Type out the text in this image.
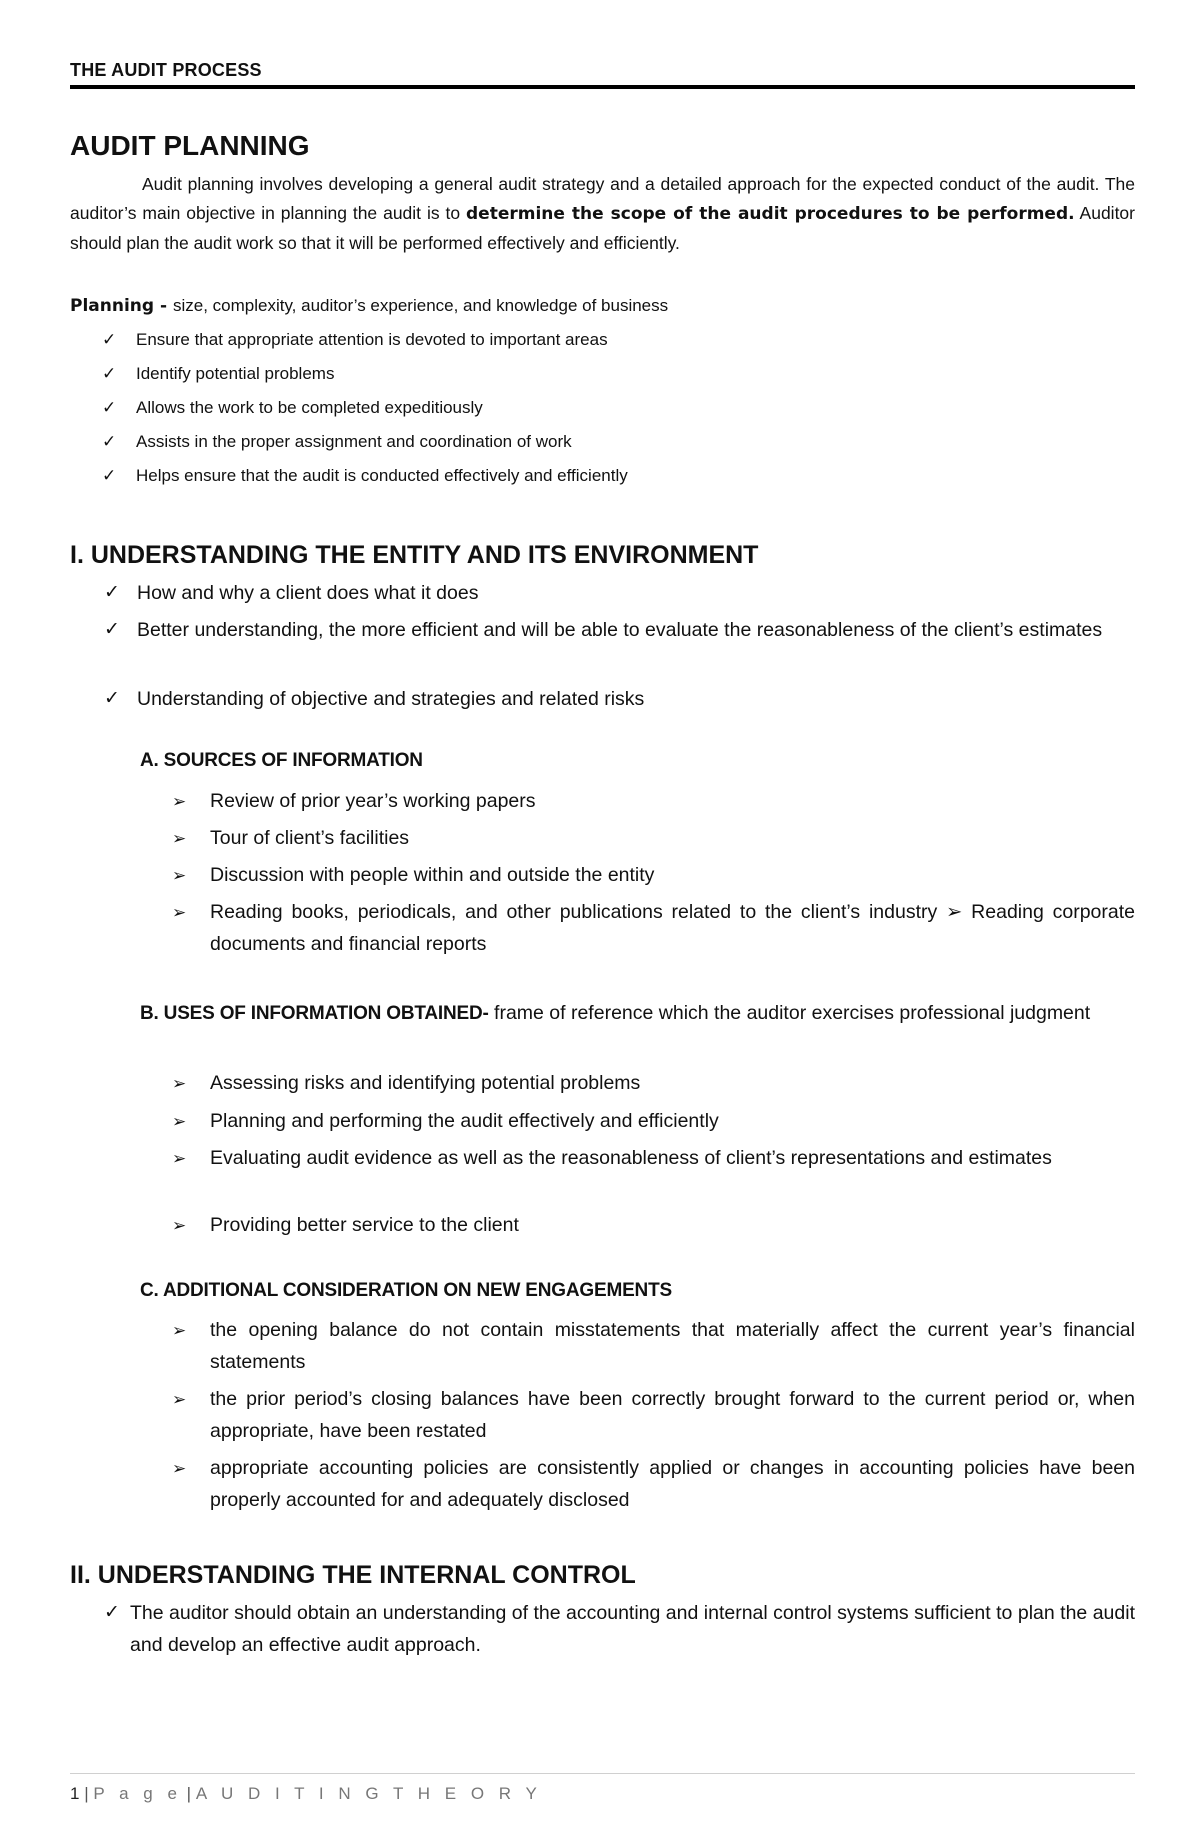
THE AUDIT PROCESS
AUDIT PLANNING
Audit planning involves developing a general audit strategy and a detailed approach for the expected conduct of the audit. The auditor’s main objective in planning the audit is to determine the scope of the audit procedures to be performed. Auditor should plan the audit work so that it will be performed effectively and efficiently.
Planning - size, complexity, auditor’s experience, and knowledge of business
✓	Ensure that appropriate attention is devoted to important areas
✓	Identify potential problems
✓	Allows the work to be completed expeditiously
✓	Assists in the proper assignment and coordination of work
✓	Helps ensure that the audit is conducted effectively and efficiently
I. UNDERSTANDING THE ENTITY AND ITS ENVIRONMENT
✓ How and why a client does what it does
✓ Better understanding, the more efficient and will be able to evaluate the reasonableness of the client’s estimates
✓ Understanding of objective and strategies and related risks
A. SOURCES OF INFORMATION
➢	Review of prior year’s working papers
➢	Tour of client’s facilities
➢	Discussion with people within and outside the entity
➢	Reading books, periodicals, and other publications related to the client’s industry ➢ Reading corporate documents and financial reports
B. USES OF INFORMATION OBTAINED- frame of reference which the auditor exercises professional judgment
➢	Assessing risks and identifying potential problems
➢	Planning and performing the audit effectively and efficiently
➢	Evaluating audit evidence as well as the reasonableness of client’s representations and estimates
➢	Providing better service to the client
C. ADDITIONAL CONSIDERATION ON NEW ENGAGEMENTS
➢	the opening balance do not contain misstatements that materially affect the current year’s financial statements
➢	the prior period’s closing balances have been correctly brought forward to the current period or, when appropriate, have been restated
➢	appropriate accounting policies are consistently applied or changes in accounting policies have been properly accounted for and adequately disclosed
II. UNDERSTANDING THE INTERNAL CONTROL
✓ The auditor should obtain an understanding of the accounting and internal control systems sufficient to plan the audit and develop an effective audit approach.
1 | P a g e | A U D I T I N G T H E O R Y
